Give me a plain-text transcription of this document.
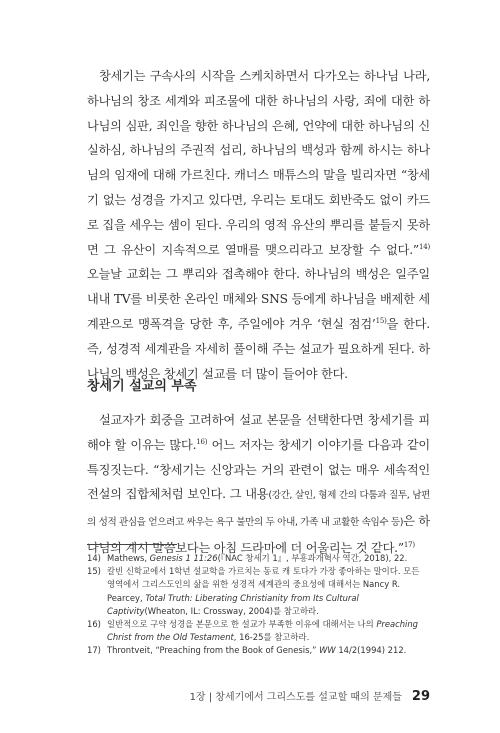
창세기는 구속사의 시작을 스케치하면서 다가오는 하나님 나라, 하나님의 창조 세계와 피조물에 대한 하나님의 사랑, 죄에 대한 하나님의 심판, 죄인을 향한 하나님의 은혜, 언약에 대한 하나님의 신실하심, 하나님의 주권적 섭리, 하나님의 백성과 함께 하시는 하나님의 임재에 대해 가르친다. 캐너스 매튜스의 말을 빌리자면 “창세기 없는 성경을 가지고 있다면, 우리는 토대도 회반죽도 없이 카드로 집을 세우는 셈이 된다. 우리의 영적 유산의 뿌리를 붙들지 못하면 그 유산이 지속적으로 열매를 맺으리라고 보장할 수 없다.”$^{14)}$ 오늘날 교회는 그 뿌리와 접촉해야 한다. 하나님의 백성은 일주일 내내 TV를 비롯한 온라인 매체와 SNS 등에게 하나님을 배제한 세계관으로 맹폭격을 당한 후, 주일에야 겨우 ‘현실 점검’$^{15)}$을 한다. 즉, 성경적 세계관을 자세히 풀이해 주는 설교가 필요하게 된다. 하나님의 백성은 창세기 설교를 더 많이 들어야 한다.

창세기 설교의 부족

설교자가 회중을 고려하여 설교 본문을 선택한다면 창세기를 피해야 할 이유는 많다.$^{16)}$ 어느 저자는 창세기 이야기를 다음과 같이 특징짓는다. “창세기는 신앙과는 거의 관련이 없는 매우 세속적인 전설의 집합체처럼 보인다. 그 내용(강간, 살인, 형제 간의 다툼과 질투, 남편의 성적 관심을 얻으려고 싸우는 욕구 불만의 두 아내, 가족 내 교활한 속임수 등)은 하나님의 계시 말씀보다는 아침 드라마에 더 어울리는 것 같다.”$^{17)}$

14) Mathews, Genesis 1 11:26(『NAC 창세기 1』, 부흥과개혁사 역간, 2018), 22.
15) 칼빈 신학교에서 1학년 설교학을 가르치는 동료 캐 토다가 가장 좋아하는 말이다. 모든 영역에서 그리스도인의 삶을 위한 성경적 세계관의 중요성에 대해서는 Nancy R. Pearcey, Total Truth: Liberating Christianity from Its Cultural Captivity(Wheaton, IL: Crossway, 2004)를 참고하라.
16) 일반적으로 구약 성경을 본문으로 한 설교가 부족한 이유에 대해서는 나의 Preaching Christ from the Old Testament, 16-25를 참고하라.
17) Throntveit, “Preaching from the Book of Genesis,” WW 14/2(1994) 212.
1장 | 창세기에서 그리스도를 설교할 때의 문제들 29
